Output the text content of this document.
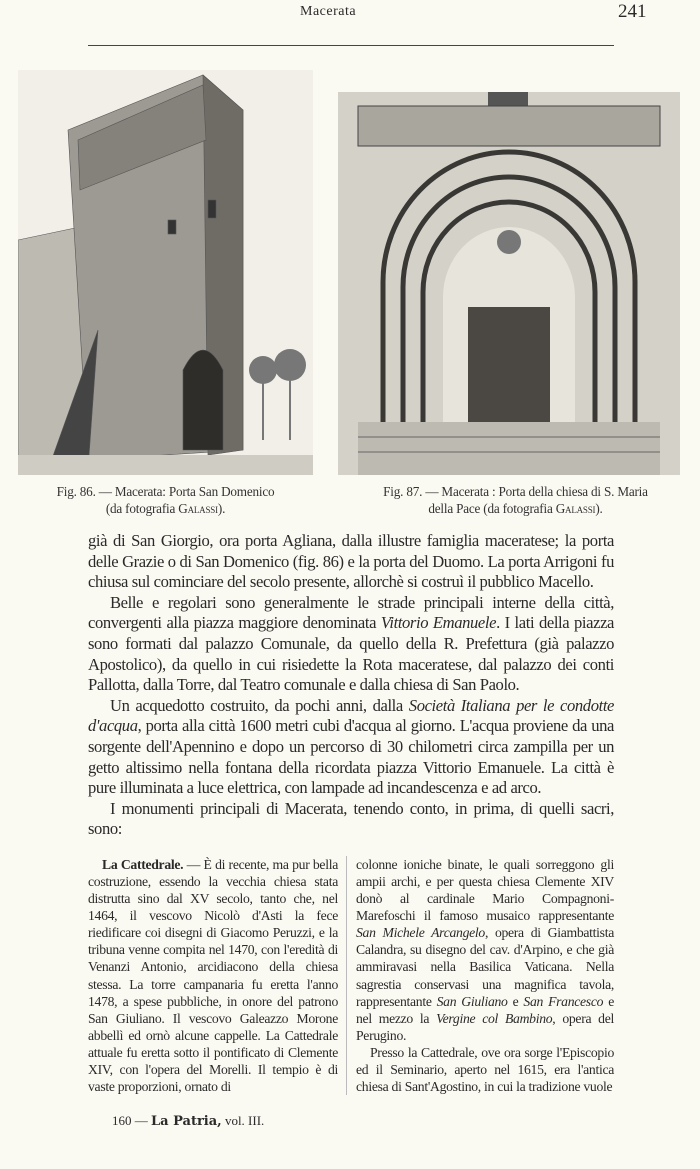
Macerata	241
Fig. 86. — Macerata: Porta San Domenico
(da fotografia Galassi).
Fig. 87. — Macerata : Porta della chiesa di S. Maria
della Pace (da fotografia Galassi).

già di San Giorgio, ora porta Agliana, dalla illustre famiglia maceratese; la porta delle Grazie o di San Domenico (fig. 86) e la porta del Duomo. La porta Arrigoni fu chiusa sul cominciare del secolo presente, allorchè si costruì il pubblico Macello.

Belle e regolari sono generalmente le strade principali interne della città, convergenti alla piazza maggiore denominata Vittorio Emanuele. I lati della piazza sono formati dal palazzo Comunale, da quello della R. Prefettura (già palazzo Apostolico), da quello in cui risiedette la Rota maceratese, dal palazzo dei conti Pallotta, dalla Torre, dal Teatro comunale e dalla chiesa di San Paolo.

Un acquedotto costruito, da pochi anni, dalla Società Italiana per le condotte d'acqua, porta alla città 1600 metri cubi d'acqua al giorno. L'acqua proviene da una sorgente dell'Apennino e dopo un percorso di 30 chilometri circa zampilla per un getto altissimo nella fontana della ricordata piazza Vittorio Emanuele. La città è pure illuminata a luce elettrica, con lampade ad incandescenza e ad arco.

I monumenti principali di Macerata, tenendo conto, in prima, di quelli sacri, sono:

La Cattedrale. — È di recente, ma pur bella costruzione, essendo la vecchia chiesa stata distrutta sino dal XV secolo, tanto che, nel 1464, il vescovo Nicolò d'Asti la fece riedificare coi disegni di Giacomo Peruzzi, e la tribuna venne compita nel 1470, con l'eredità di Venanzi Antonio, arcidiacono della chiesa stessa. La torre campanaria fu eretta l'anno 1478, a spese pubbliche, in onore del patrono San Giuliano. Il vescovo Galeazzo Morone abbellì ed ornò alcune cappelle. La Cattedrale attuale fu eretta sotto il pontificato di Clemente XIV, con l'opera del Morelli. Il tempio è di vaste proporzioni, ornato di

colonne ioniche binate, le quali sorreggono gli ampii archi, e per questa chiesa Clemente XIV donò al cardinale Mario Compagnoni-Marefoschi il famoso musaico rappresentante San Michele Arcangelo, opera di Giambattista Calandra, su disegno del cav. d'Arpino, e che già ammiravasi nella Basilica Vaticana. Nella sagrestia conservasi una magnifica tavola, rappresentante San Giuliano e San Francesco e nel mezzo la Vergine col Bambino, opera del Perugino.

Presso la Cattedrale, ove ora sorge l'Episcopio ed il Seminario, aperto nel 1615, era l'antica chiesa di Sant'Agostino, in cui la tradizione vuole

160 — La Patria, vol. III.
